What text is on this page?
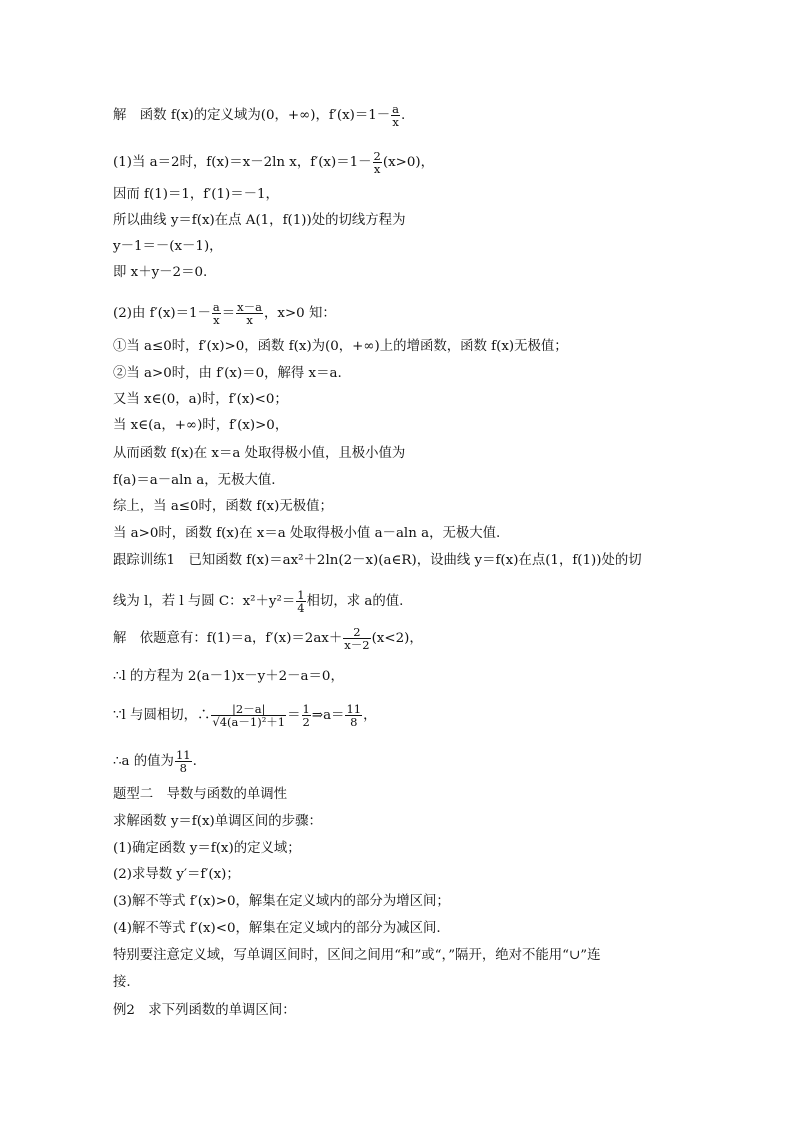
解　函数 f(x)的定义域为(0，+∞)，$f'(x)=1- \frac{a}{x}$ .
(1)当 a＝2时，f(x)＝x－2ln x，$f'(x)=1- \frac{2}{x} (x>0)$，
因而 f(1)＝1，f′(1)＝－1，
所以曲线 y＝f(x)在点 A(1，f(1))处的切线方程为
y－1＝－(x－1)，
即 x＋y－2＝0.
(2)由 $f'(x)=1- \frac{a}{x} = \frac{x-a}{x}$ ，x>0 知：
①当 a≤0时，f′(x)>0，函数 f(x)为(0，+∞)上的增函数，函数 f(x)无极值；
②当 a>0时，由 f′(x)＝0，解得 x＝a.
又当 x∈(0，a)时，f′(x)<0；
当 x∈(a，+∞)时，f′(x)>0，
从而函数 f(x)在 x＝a 处取得极小值，且极小值为
f(a)＝a－aln a，无极大值.
综上，当 a≤0时，函数 f(x)无极值；
当 a>0时，函数 f(x)在 x＝a 处取得极小值 a－aln a，无极大值.
跟踪训练1　已知函数 f(x)＝ax²＋2ln(2－x)(a∈R)，设曲线 y＝f(x)在点(1，f(1))处的切
线为 l，若 l 与圆 C：$x^2+y^2= \frac{1}{4}$ 相切，求 a的值.
解　依题意有：f(1)＝a，$f'(x)=2ax+ \frac{2}{x-2} (x<2)$，
∴l 的方程为 2(a－1)x－y＋2－a＝0，
∵l 与圆相切，∴ $\frac{|2-a|}{\text{√4(a－1)²＋1}} = \frac{1}{2}$ ⇒a＝ $\frac{11}{8}$ ，
∴a 的值为 $\frac{11}{8}$ .
题型二　导数与函数的单调性
求解函数 y＝f(x)单调区间的步骤：
(1)确定函数 y＝f(x)的定义域；
(2)求导数 y′＝f′(x)；
(3)解不等式 f′(x)>0，解集在定义域内的部分为增区间；
(4)解不等式 f′(x)<0，解集在定义域内的部分为减区间.
特别要注意定义域，写单调区间时，区间之间用“和”或“，”隔开，绝对不能用“∪”连
接.
例2　求下列函数的单调区间：
